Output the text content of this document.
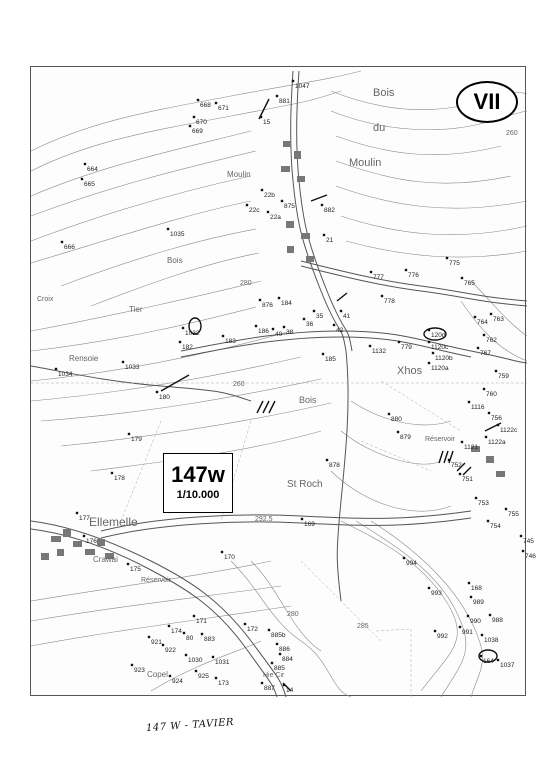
Bois
du
Moulin
Moulin
Bois
Croix
Tier
Rensoie
Xhos
Bois
Réservoir
St Roch
Ellemelle
Crawai
Réservoir
Copel	Hie Cir
280
260
292.5
280
285
260
668 671
881
1047
670
669
15
664
665
22b
875
22c
22a
882
1035
21
666
777	776
775
765
778
876 184
35	41
764 763
1032	186 40 38
36
42
120d
762
182
183
1132
779	1120c
767
185	1120b
1034
1033	1120a
759
180	760
1116
756
880
1122c
879
179
1121
1122a
752
878
751
178
753
755
177
169	754
176
170
994
175
993
168
989
171	990 988
174	172	991
80 883
885b	992
921	1038
886
922
1030 1031	884	164
923	885	1037
924
925
173
887 14
745
746
VII
147w
1/10.000
147 W - TAVIER
